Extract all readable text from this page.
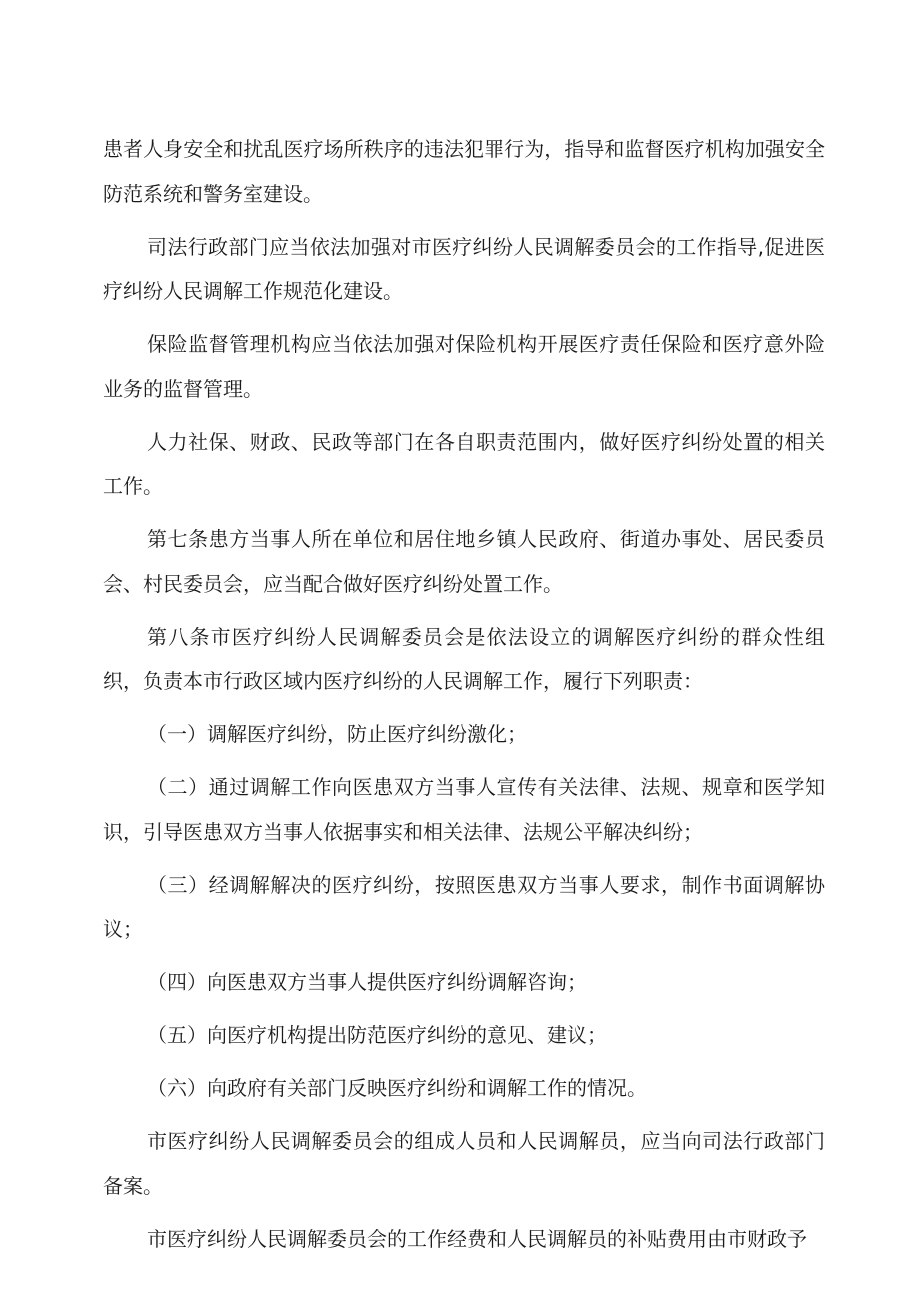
患者人身安全和扰乱医疗场所秩序的违法犯罪行为，指导和监督医疗机构加强安全防范系统和警务室建设。

司法行政部门应当依法加强对市医疗纠纷人民调解委员会的工作指导,促进医疗纠纷人民调解工作规范化建设。

保险监督管理机构应当依法加强对保险机构开展医疗责任保险和医疗意外险业务的监督管理。

人力社保、财政、民政等部门在各自职责范围内，做好医疗纠纷处置的相关工作。

第七条患方当事人所在单位和居住地乡镇人民政府、街道办事处、居民委员会、村民委员会，应当配合做好医疗纠纷处置工作。

第八条市医疗纠纷人民调解委员会是依法设立的调解医疗纠纷的群众性组织，负责本市行政区域内医疗纠纷的人民调解工作，履行下列职责：

（一）调解医疗纠纷，防止医疗纠纷激化；

（二）通过调解工作向医患双方当事人宣传有关法律、法规、规章和医学知识，引导医患双方当事人依据事实和相关法律、法规公平解决纠纷；

（三）经调解解决的医疗纠纷，按照医患双方当事人要求，制作书面调解协议；

（四）向医患双方当事人提供医疗纠纷调解咨询；

（五）向医疗机构提出防范医疗纠纷的意见、建议；

（六）向政府有关部门反映医疗纠纷和调解工作的情况。

市医疗纠纷人民调解委员会的组成人员和人民调解员，应当向司法行政部门备案。

市医疗纠纷人民调解委员会的工作经费和人民调解员的补贴费用由市财政予
